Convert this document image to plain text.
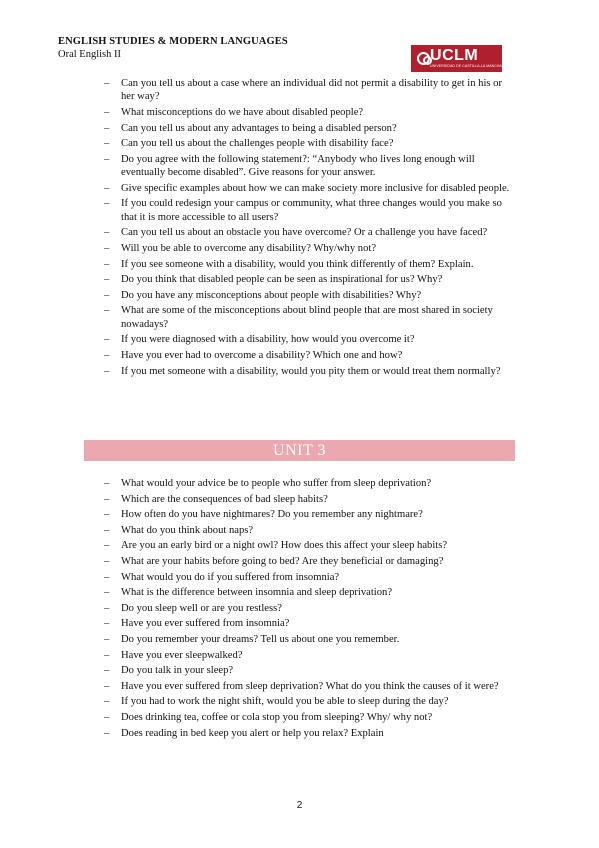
ENGLISH STUDIES & MODERN LANGUAGES
Oral English II	UCLM
UNIVERSIDAD DE CASTILLA-LA MANCHA
– Can you tell us about a case where an individual did not permit a disability to get in his or her way?
– What misconceptions do we have about disabled people?
– Can you tell us about any advantages to being a disabled person?
– Can you tell us about the challenges people with disability face?
– Do you agree with the following statement?: “Anybody who lives long enough will eventually become disabled”. Give reasons for your answer.
– Give specific examples about how we can make society more inclusive for disabled people.
– If you could redesign your campus or community, what three changes would you make so that it is more accessible to all users?
– Can you tell us about an obstacle you have overcome? Or a challenge you have faced?
– Will you be able to overcome any disability? Why/why not?
– If you see someone with a disability, would you think differently of them? Explain.
– Do you think that disabled people can be seen as inspirational for us? Why?
– Do you have any misconceptions about people with disabilities? Why?
– What are some of the misconceptions about blind people that are most shared in society nowadays?
– If you were diagnosed with a disability, how would you overcome it?
– Have you ever had to overcome a disability? Which one and how?
– If you met someone with a disability, would you pity them or would treat them normally?
UNIT 3
– What would your advice be to people who suffer from sleep deprivation?
– Which are the consequences of bad sleep habits?
– How often do you have nightmares? Do you remember any nightmare?
– What do you think about naps?
– Are you an early bird or a night owl? How does this affect your sleep habits?
– What are your habits before going to bed? Are they beneficial or damaging?
– What would you do if you suffered from insomnia?
– What is the difference between insomnia and sleep deprivation?
– Do you sleep well or are you restless?
– Have you ever suffered from insomnia?
– Do you remember your dreams? Tell us about one you remember.
– Have you ever sleepwalked?
– Do you talk in your sleep?
– Have you ever suffered from sleep deprivation? What do you think the causes of it were?
– If you had to work the night shift, would you be able to sleep during the day?
– Does drinking tea, coffee or cola stop you from sleeping? Why/ why not?
– Does reading in bed keep you alert or help you relax? Explain
2
